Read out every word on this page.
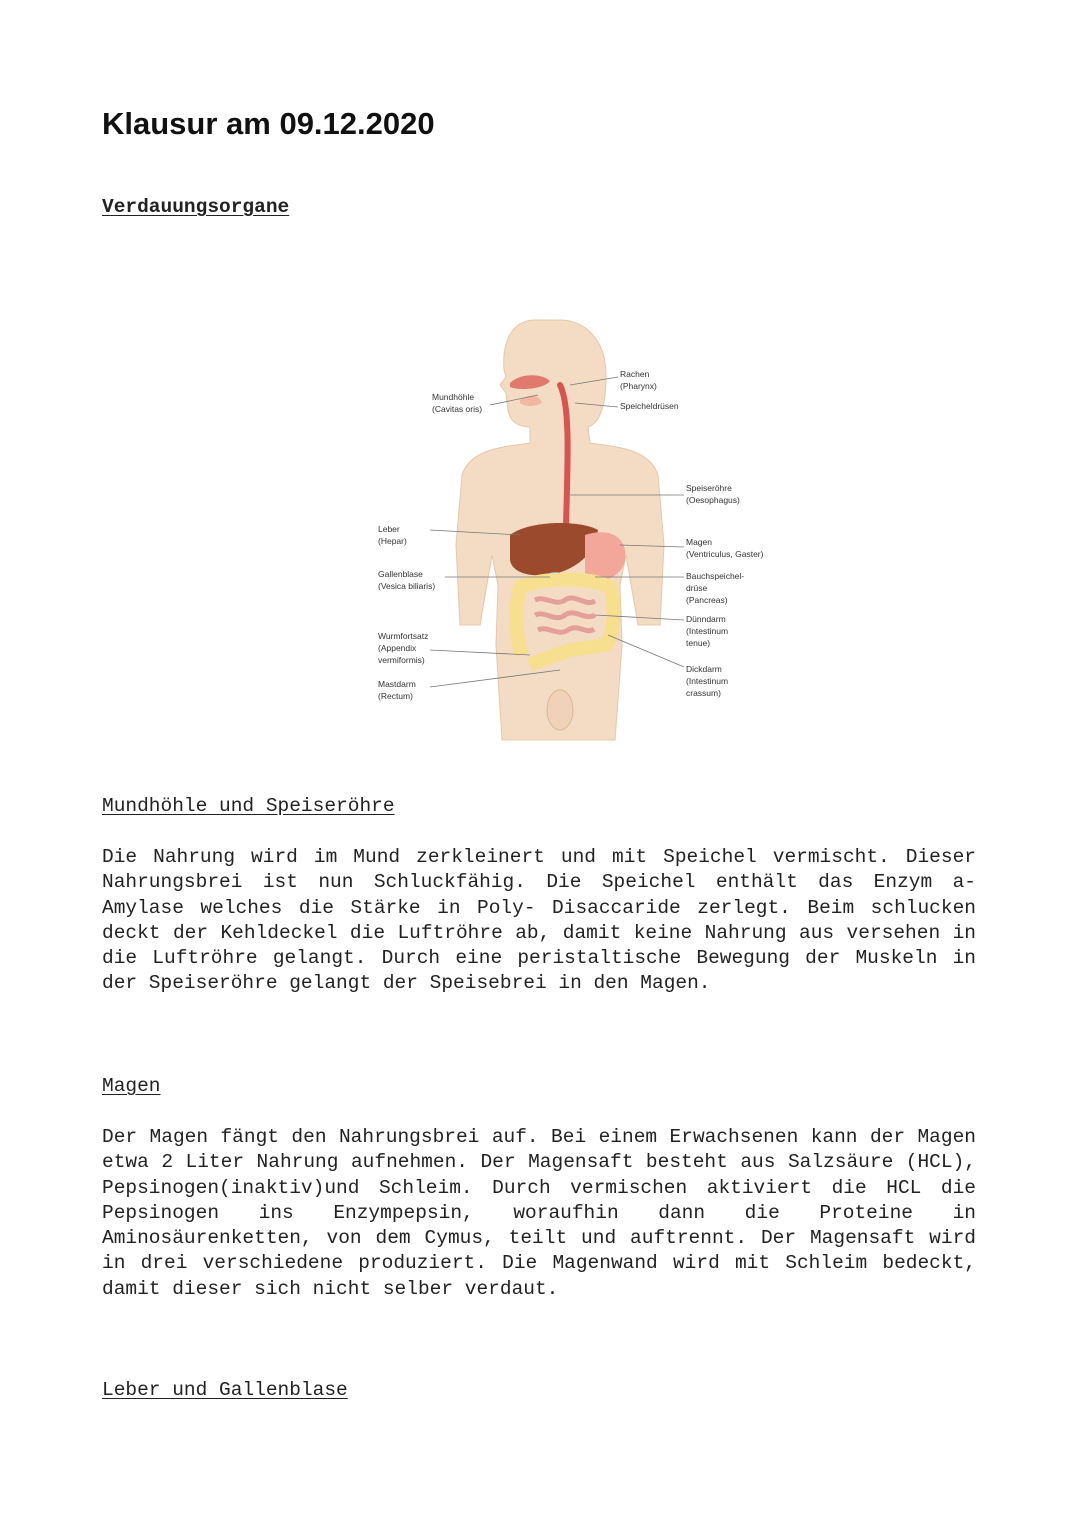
Klausur am 09.12.2020
Verdauungsorgane
Rachen
(Pharynx)
Mundhöhle
(Cavitas oris)	Speicheldrüsen
Speiseröhre
(Oesophagus)
Leber
(Hepar)	Magen
(Ventriculus, Gaster)
Gallenblase
(Vesica biliaris)
Bauchspeichel-
drüse
(Pancreas)
Dünndarm
(Intestinum
tenue)
Wurmfortsatz
(Appendix
vermiformis)
Dickdarm
(Intestinum
crassum)
Mastdarm
(Rectum)
Mundhöhle und Speiseröhre

Die Nahrung wird im Mund zerkleinert und mit Speichel vermischt. Dieser Nahrungsbrei ist nun Schluckfähig. Die Speichel enthält das Enzym a-Amylase welches die Stärke in Poly- Disaccaride zerlegt. Beim schlucken deckt der Kehldeckel die Luftröhre ab, damit keine Nahrung aus versehen in die Luftröhre gelangt. Durch eine peristaltische Bewegung der Muskeln in der Speiseröhre gelangt der Speisebrei in den Magen.

Magen

Der Magen fängt den Nahrungsbrei auf. Bei einem Erwachsenen kann der Magen etwa 2 Liter Nahrung aufnehmen. Der Magensaft besteht aus Salzsäure (HCL), Pepsinogen(inaktiv)und Schleim. Durch vermischen aktiviert die HCL die Pepsinogen ins Enzympepsin, woraufhin dann die Proteine in Aminosäurenketten, von dem Cymus, teilt und auftrennt. Der Magensaft wird in drei verschiedene produziert. Die Magenwand wird mit Schleim bedeckt, damit dieser sich nicht selber verdaut.

Leber und Gallenblase
